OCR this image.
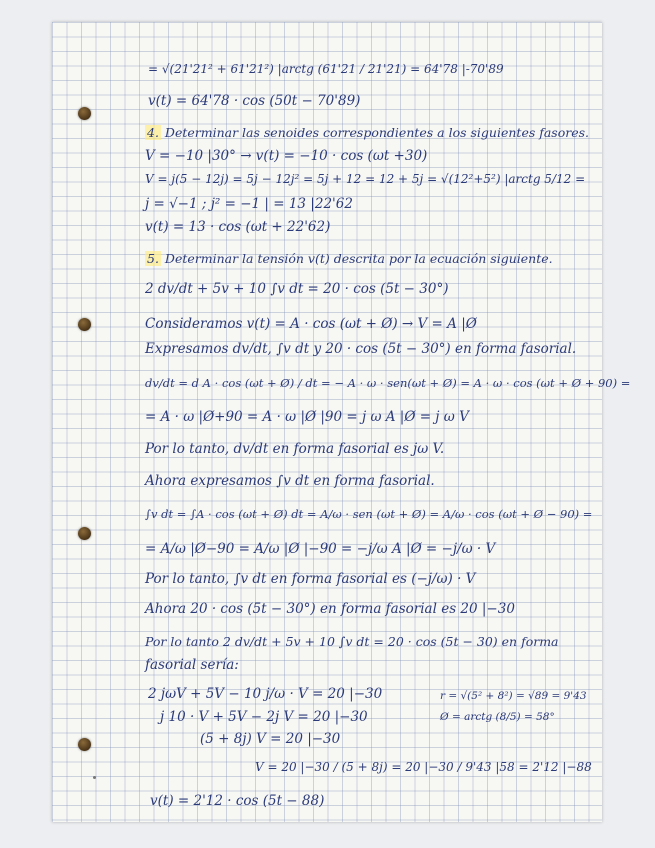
= √(21'21² + 61'21²) |arctg (61'21 / 21'21) = 64'78 |-70'89
v(t) = 64'78 · cos (50t − 70'89)
4. Determinar las senoides correspondientes a los siguientes fasores.
V = −10 |30° → v(t) = −10 · cos (ωt +30)
V = j(5 − 12j) = 5j − 12j² = 5j + 12 = 12 + 5j = √(12²+5²) |arctg 5/12 =
j = √−1 ; j² = −1 | = 13 |22'62
v(t) = 13 · cos (ωt + 22'62)
5. Determinar la tensión v(t) descrita por la ecuación siguiente.
2 dv/dt + 5v + 10 ∫v dt = 20 · cos (5t − 30°)
Consideramos v(t) = A · cos (ωt + Ø) → V = A |Ø
Expresamos dv/dt, ∫v dt y 20 · cos (5t − 30°) en forma fasorial.
dv/dt = d A · cos (ωt + Ø) / dt = − A · ω · sen(ωt + Ø) = A · ω · cos (ωt + Ø + 90) =
= A · ω |Ø+90 = A · ω |Ø |90 = j ω A |Ø = j ω V
Por lo tanto, dv/dt en forma fasorial es jω V.
Ahora expresamos ∫v dt en forma fasorial.
∫v dt = ∫A · cos (ωt + Ø) dt = A/ω · sen (ωt + Ø) = A/ω · cos (ωt + Ø − 90) =
= A/ω |Ø−90 = A/ω |Ø |−90 = −j/ω A |Ø = −j/ω · V
Por lo tanto, ∫v dt en forma fasorial es (−j/ω) · V
Ahora 20 · cos (5t − 30°) en forma fasorial es 20 |−30
Por lo tanto 2 dv/dt + 5v + 10 ∫v dt = 20 · cos (5t − 30) en forma
fasorial sería:
2 jωV + 5V − 10 j/ω · V = 20 |−30
j 10 · V + 5V − 2j V = 20 |−30
(5 + 8j) V = 20 |−30
V = 20 |−30 / (5 + 8j) = 20 |−30 / 9'43 |58 = 2'12 |−88
v(t) = 2'12 · cos (5t − 88)
r = √(5² + 8²) = √89 = 9'43
Ø = arctg (8/5) = 58°
